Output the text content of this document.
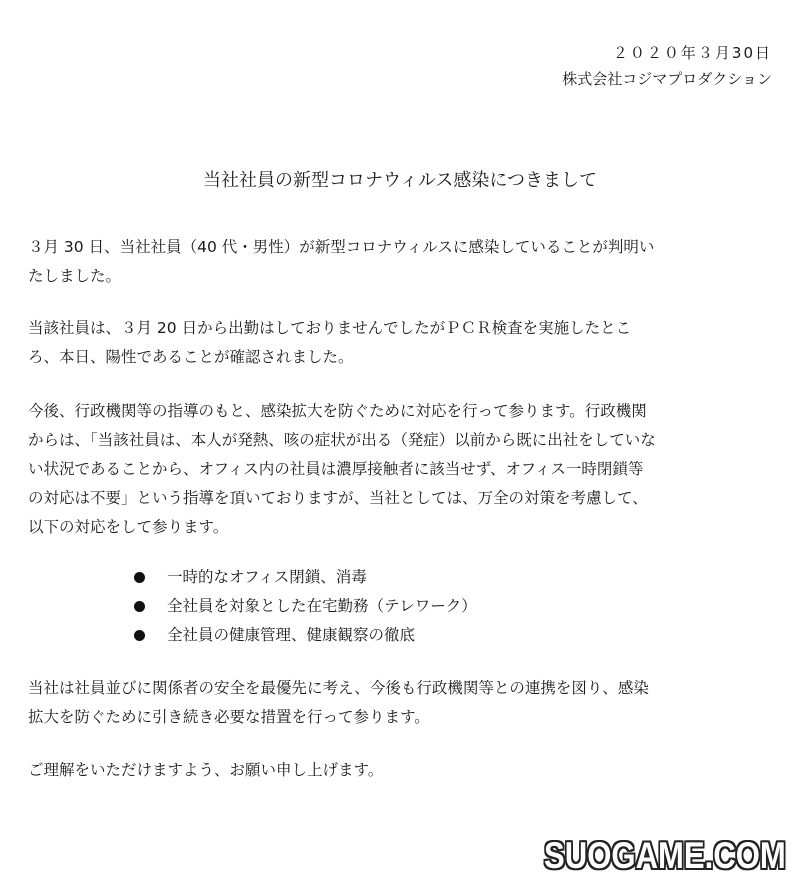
２０２０年３月30日
株式会社コジマプロダクション
当社社員の新型コロナウィルス感染につきまして
３月 30 日、当社社員（40 代・男性）が新型コロナウィルスに感染していることが判明い
たしました。
当該社員は、３月 20 日から出勤はしておりませんでしたがＰＣＲ検査を実施したとこ
ろ、本日、陽性であることが確認されました。
今後、行政機関等の指導のもと、感染拡大を防ぐために対応を行って参ります。行政機関
からは、「当該社員は、本人が発熱、咳の症状が出る（発症）以前から既に出社をしていな
い状況であることから、オフィス内の社員は濃厚接触者に該当せず、オフィス一時閉鎖等
の対応は不要」という指導を頂いておりますが、当社としては、万全の対策を考慮して、
以下の対応をして参ります。
一時的なオフィス閉鎖、消毒
全社員を対象とした在宅勤務（テレワーク）
全社員の健康管理、健康観察の徹底
当社は社員並びに関係者の安全を最優先に考え、今後も行政機関等との連携を図り、感染
拡大を防ぐために引き続き必要な措置を行って参ります。
ご理解をいただけますよう、お願い申し上げます。
SUOGAME.COM
